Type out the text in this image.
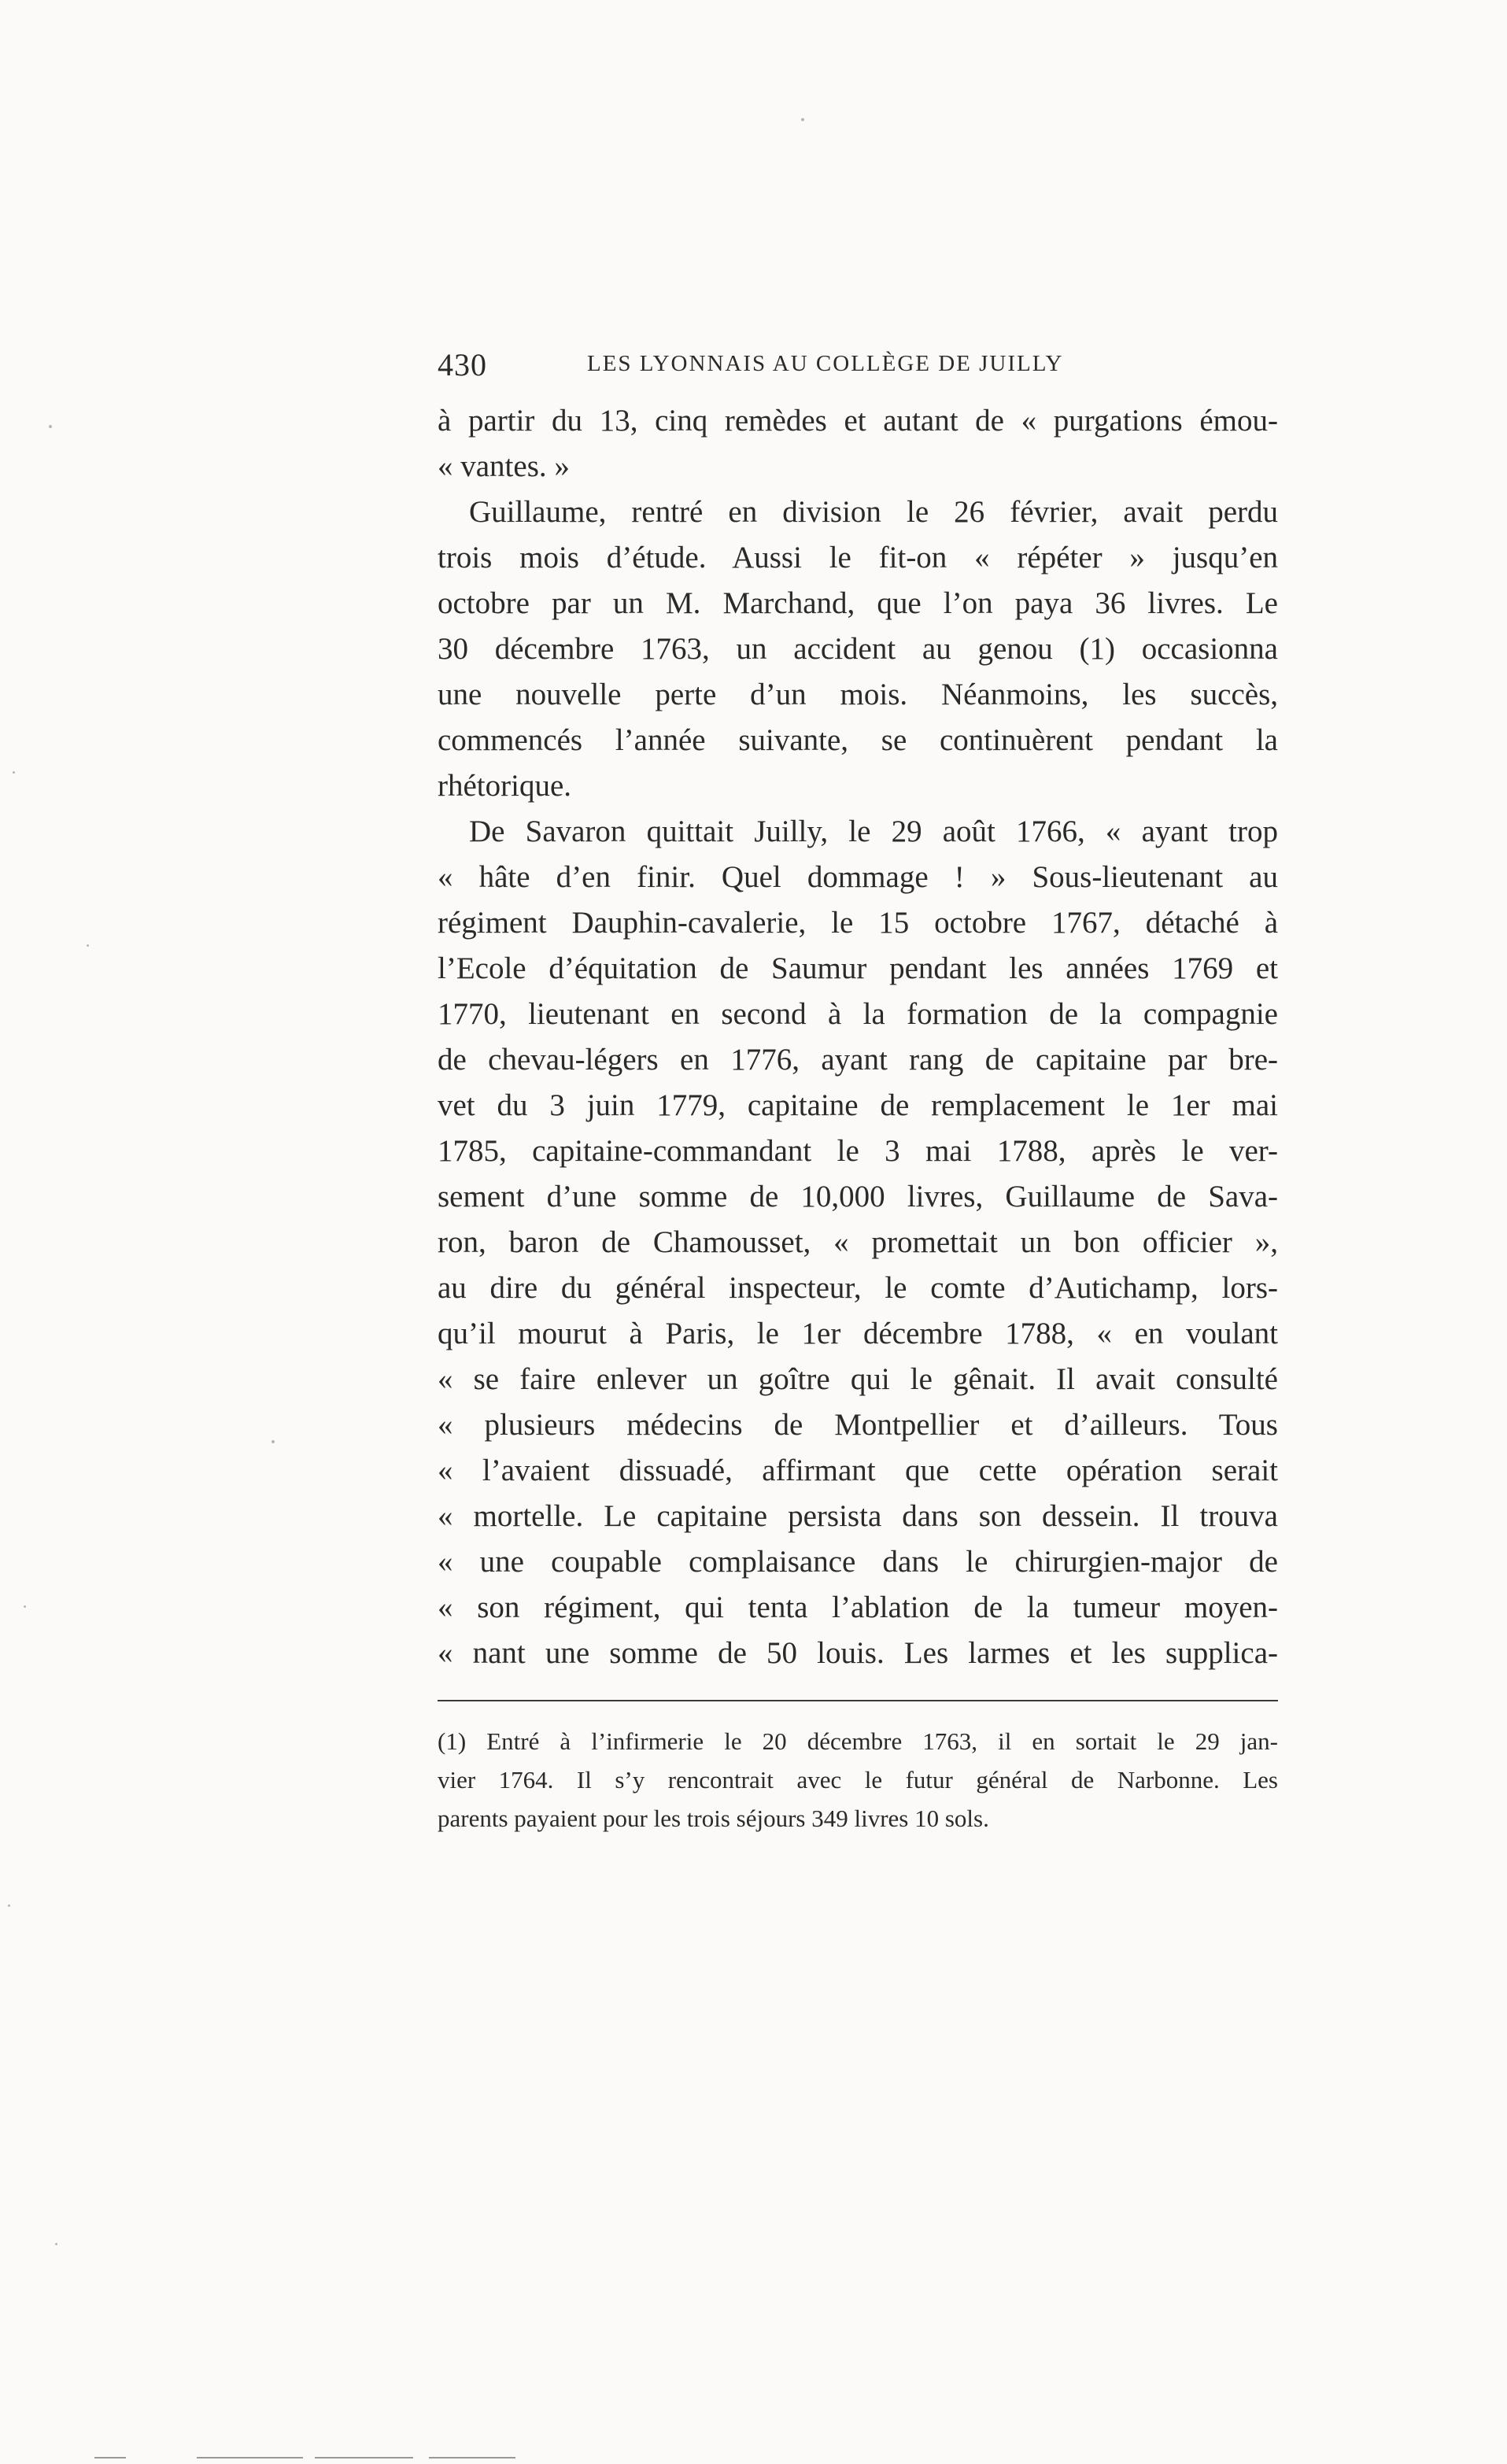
430	LES LYONNAIS AU COLLÈGE DE JUILLY
à partir du 13, cinq remèdes et autant de « purgations émou-
« vantes. »
Guillaume, rentré en division le 26 février, avait perdu
trois mois d’étude. Aussi le fit-on « répéter » jusqu’en
octobre par un M. Marchand, que l’on paya 36 livres. Le
30 décembre 1763, un accident au genou (1) occasionna
une nouvelle perte d’un mois. Néanmoins, les succès,
commencés l’année suivante, se continuèrent pendant la
rhétorique.
De Savaron quittait Juilly, le 29 août 1766, « ayant trop
« hâte d’en finir. Quel dommage ! » Sous-lieutenant au
régiment Dauphin-cavalerie, le 15 octobre 1767, détaché à
l’Ecole d’équitation de Saumur pendant les années 1769 et
1770, lieutenant en second à la formation de la compagnie
de chevau-légers en 1776, ayant rang de capitaine par bre-
vet du 3 juin 1779, capitaine de remplacement le 1er mai
1785, capitaine-commandant le 3 mai 1788, après le ver-
sement d’une somme de 10,000 livres, Guillaume de Sava-
ron, baron de Chamousset, « promettait un bon officier »,
au dire du général inspecteur, le comte d’Autichamp, lors-
qu’il mourut à Paris, le 1er décembre 1788, « en voulant
« se faire enlever un goître qui le gênait. Il avait consulté
« plusieurs médecins de Montpellier et d’ailleurs. Tous
« l’avaient dissuadé, affirmant que cette opération serait
« mortelle. Le capitaine persista dans son dessein. Il trouva
« une coupable complaisance dans le chirurgien-major de
« son régiment, qui tenta l’ablation de la tumeur moyen-
« nant une somme de 50 louis. Les larmes et les supplica-
(1) Entré à l’infirmerie le 20 décembre 1763, il en sortait le 29 jan-
vier 1764. Il s’y rencontrait avec le futur général de Narbonne. Les
parents payaient pour les trois séjours 349 livres 10 sols.
